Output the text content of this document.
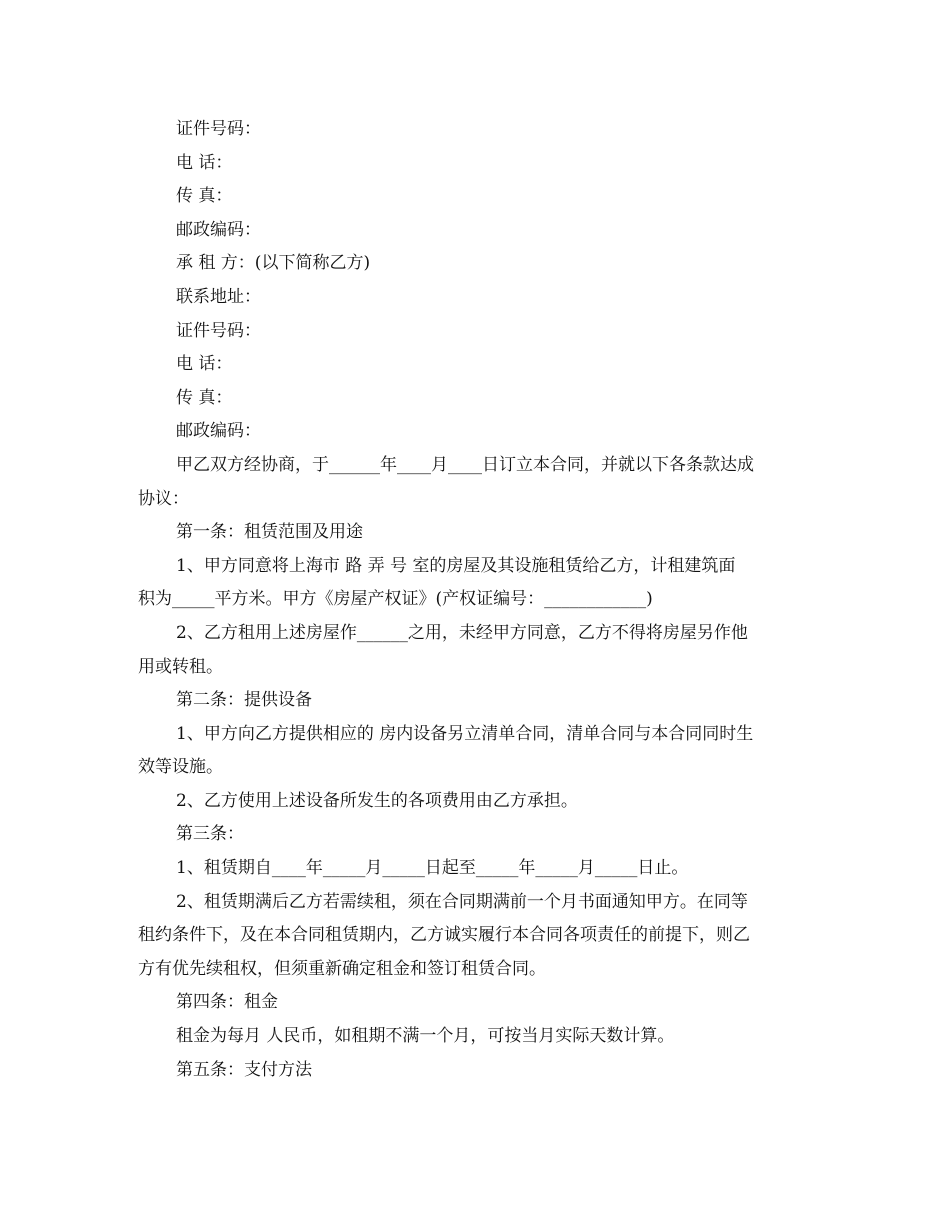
证件号码：
电 话：
传 真：
邮政编码：
承 租 方：(以下简称乙方)
联系地址：
证件号码：
电 话：
传 真：
邮政编码：
甲乙双方经协商，于______年____月____日订立本合同，并就以下各条款达成
协议：
第一条：租赁范围及用途
1、甲方同意将上海市 路 弄 号 室的房屋及其设施租赁给乙方，计租建筑面
积为_____平方米。甲方《房屋产权证》(产权证编号：____________)
2、乙方租用上述房屋作______之用，未经甲方同意，乙方不得将房屋另作他
用或转租。
第二条：提供设备
1、甲方向乙方提供相应的 房内设备另立清单合同，清单合同与本合同同时生
效等设施。
2、乙方使用上述设备所发生的各项费用由乙方承担。
第三条：
1、租赁期自____年_____月_____日起至_____年_____月_____日止。
2、租赁期满后乙方若需续租，须在合同期满前一个月书面通知甲方。在同等
租约条件下，及在本合同租赁期内，乙方诚实履行本合同各项责任的前提下，则乙
方有优先续租权，但须重新确定租金和签订租赁合同。
第四条：租金
租金为每月 人民币，如租期不满一个月，可按当月实际天数计算。
第五条：支付方法
